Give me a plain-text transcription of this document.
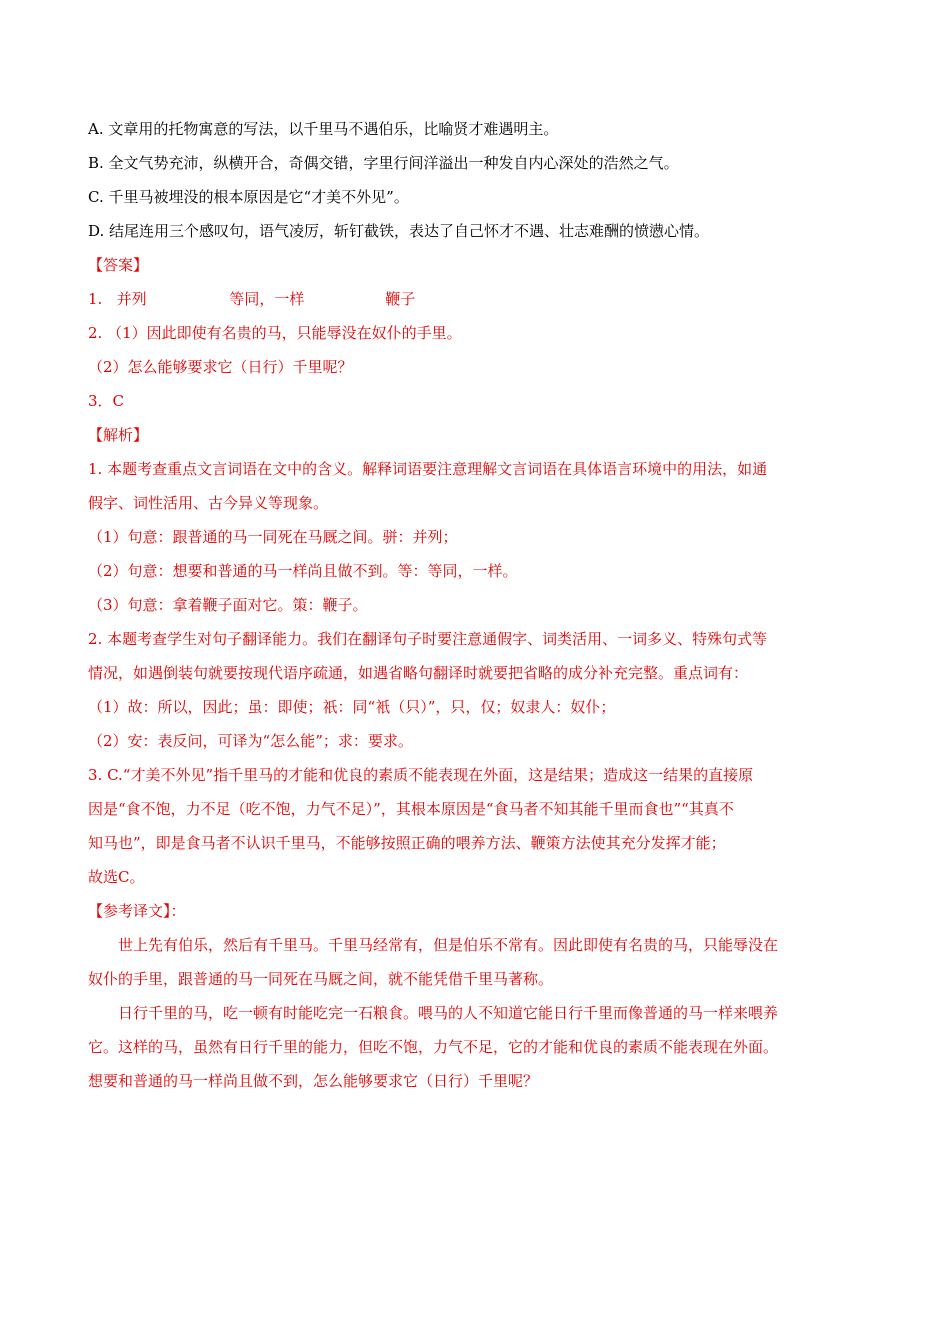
A. 文章用的托物寓意的写法，以千里马不遇伯乐，比喻贤才难遇明主。
B. 全文气势充沛，纵横开合，奇偶交错，字里行间洋溢出一种发自内心深处的浩然之气。
C. 千里马被埋没的根本原因是它“才美不外见”。
D. 结尾连用三个感叹句，语气凌厉，斩钉截铁，表达了自己怀才不遇、壮志难酬的愤懑心情。
【答案】
1. 并列	等同，一样	鞭子
2. （1）因此即使有名贵的马，只能辱没在奴仆的手里。
（2）怎么能够要求它（日行）千里呢？
3．C
【解析】
1. 本题考查重点文言词语在文中的含义。解释词语要注意理解文言词语在具体语言环境中的用法，如通
假字、词性活用、古今异义等现象。
（1）句意：跟普通的马一同死在马厩之间。骈：并列；
（2）句意：想要和普通的马一样尚且做不到。等：等同，一样。
（3）句意：拿着鞭子面对它。策：鞭子。
2. 本题考查学生对句子翻译能力。我们在翻译句子时要注意通假字、词类活用、一词多义、特殊句式等
情况，如遇倒装句就要按现代语序疏通，如遇省略句翻译时就要把省略的成分补充完整。重点词有：
（1）故：所以，因此；虽：即使；祇：同“衹（只）”，只，仅；奴隶人：奴仆；
（2）安：表反问，可译为“怎么能”；求：要求。
3. C.“才美不外见”指千里马的才能和优良的素质不能表现在外面，这是结果；造成这一结果的直接原
因是“食不饱，力不足（吃不饱，力气不足）”，其根本原因是“食马者不知其能千里而食也”“其真不
知马也”，即是食马者不认识千里马，不能够按照正确的喂养方法、鞭策方法使其充分发挥才能；
故选C。
【参考译文】：
世上先有伯乐，然后有千里马。千里马经常有，但是伯乐不常有。因此即使有名贵的马，只能辱没在
奴仆的手里，跟普通的马一同死在马厩之间，就不能凭借千里马著称。
日行千里的马，吃一顿有时能吃完一石粮食。喂马的人不知道它能日行千里而像普通的马一样来喂养
它。这样的马，虽然有日行千里的能力，但吃不饱，力气不足，它的才能和优良的素质不能表现在外面。
想要和普通的马一样尚且做不到，怎么能够要求它（日行）千里呢？
